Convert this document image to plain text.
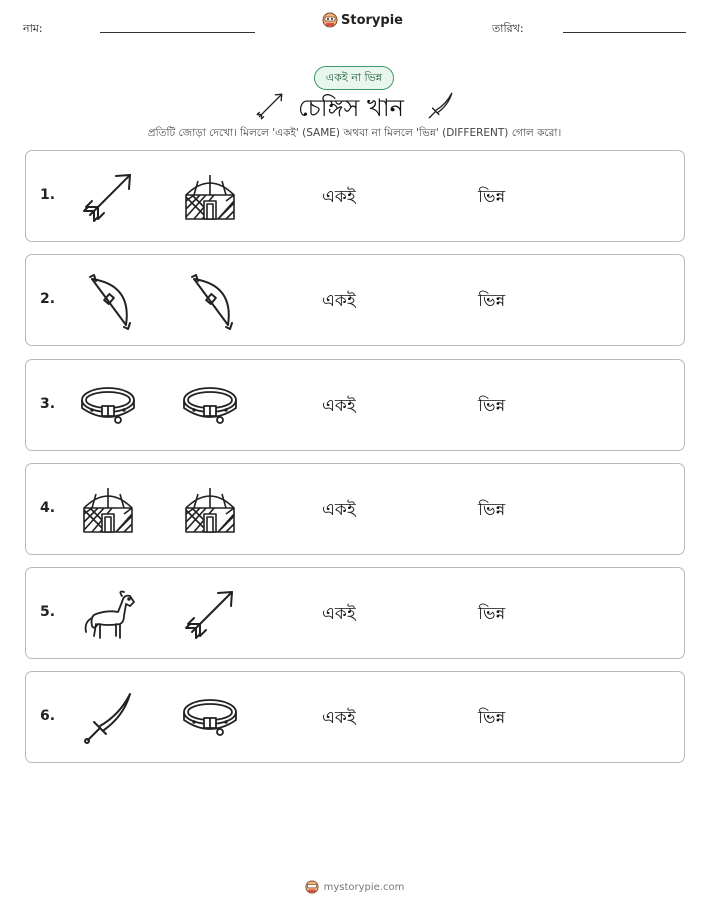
নাম:
Storypie
তারিখ:
একই না ভিন্ন
চেঙ্গিস খান
প্রতিটি জোড়া দেখো। মিললে 'একই' (SAME) অথবা না মিললে 'ভিন্ন' (DIFFERENT) গোল করো।
1.	একই	ভিন্ন
2.	একই	ভিন্ন
3.	একই	ভিন্ন
4.	একই	ভিন্ন
5.	একই	ভিন্ন
6.	একই	ভিন্ন
mystorypie.com
